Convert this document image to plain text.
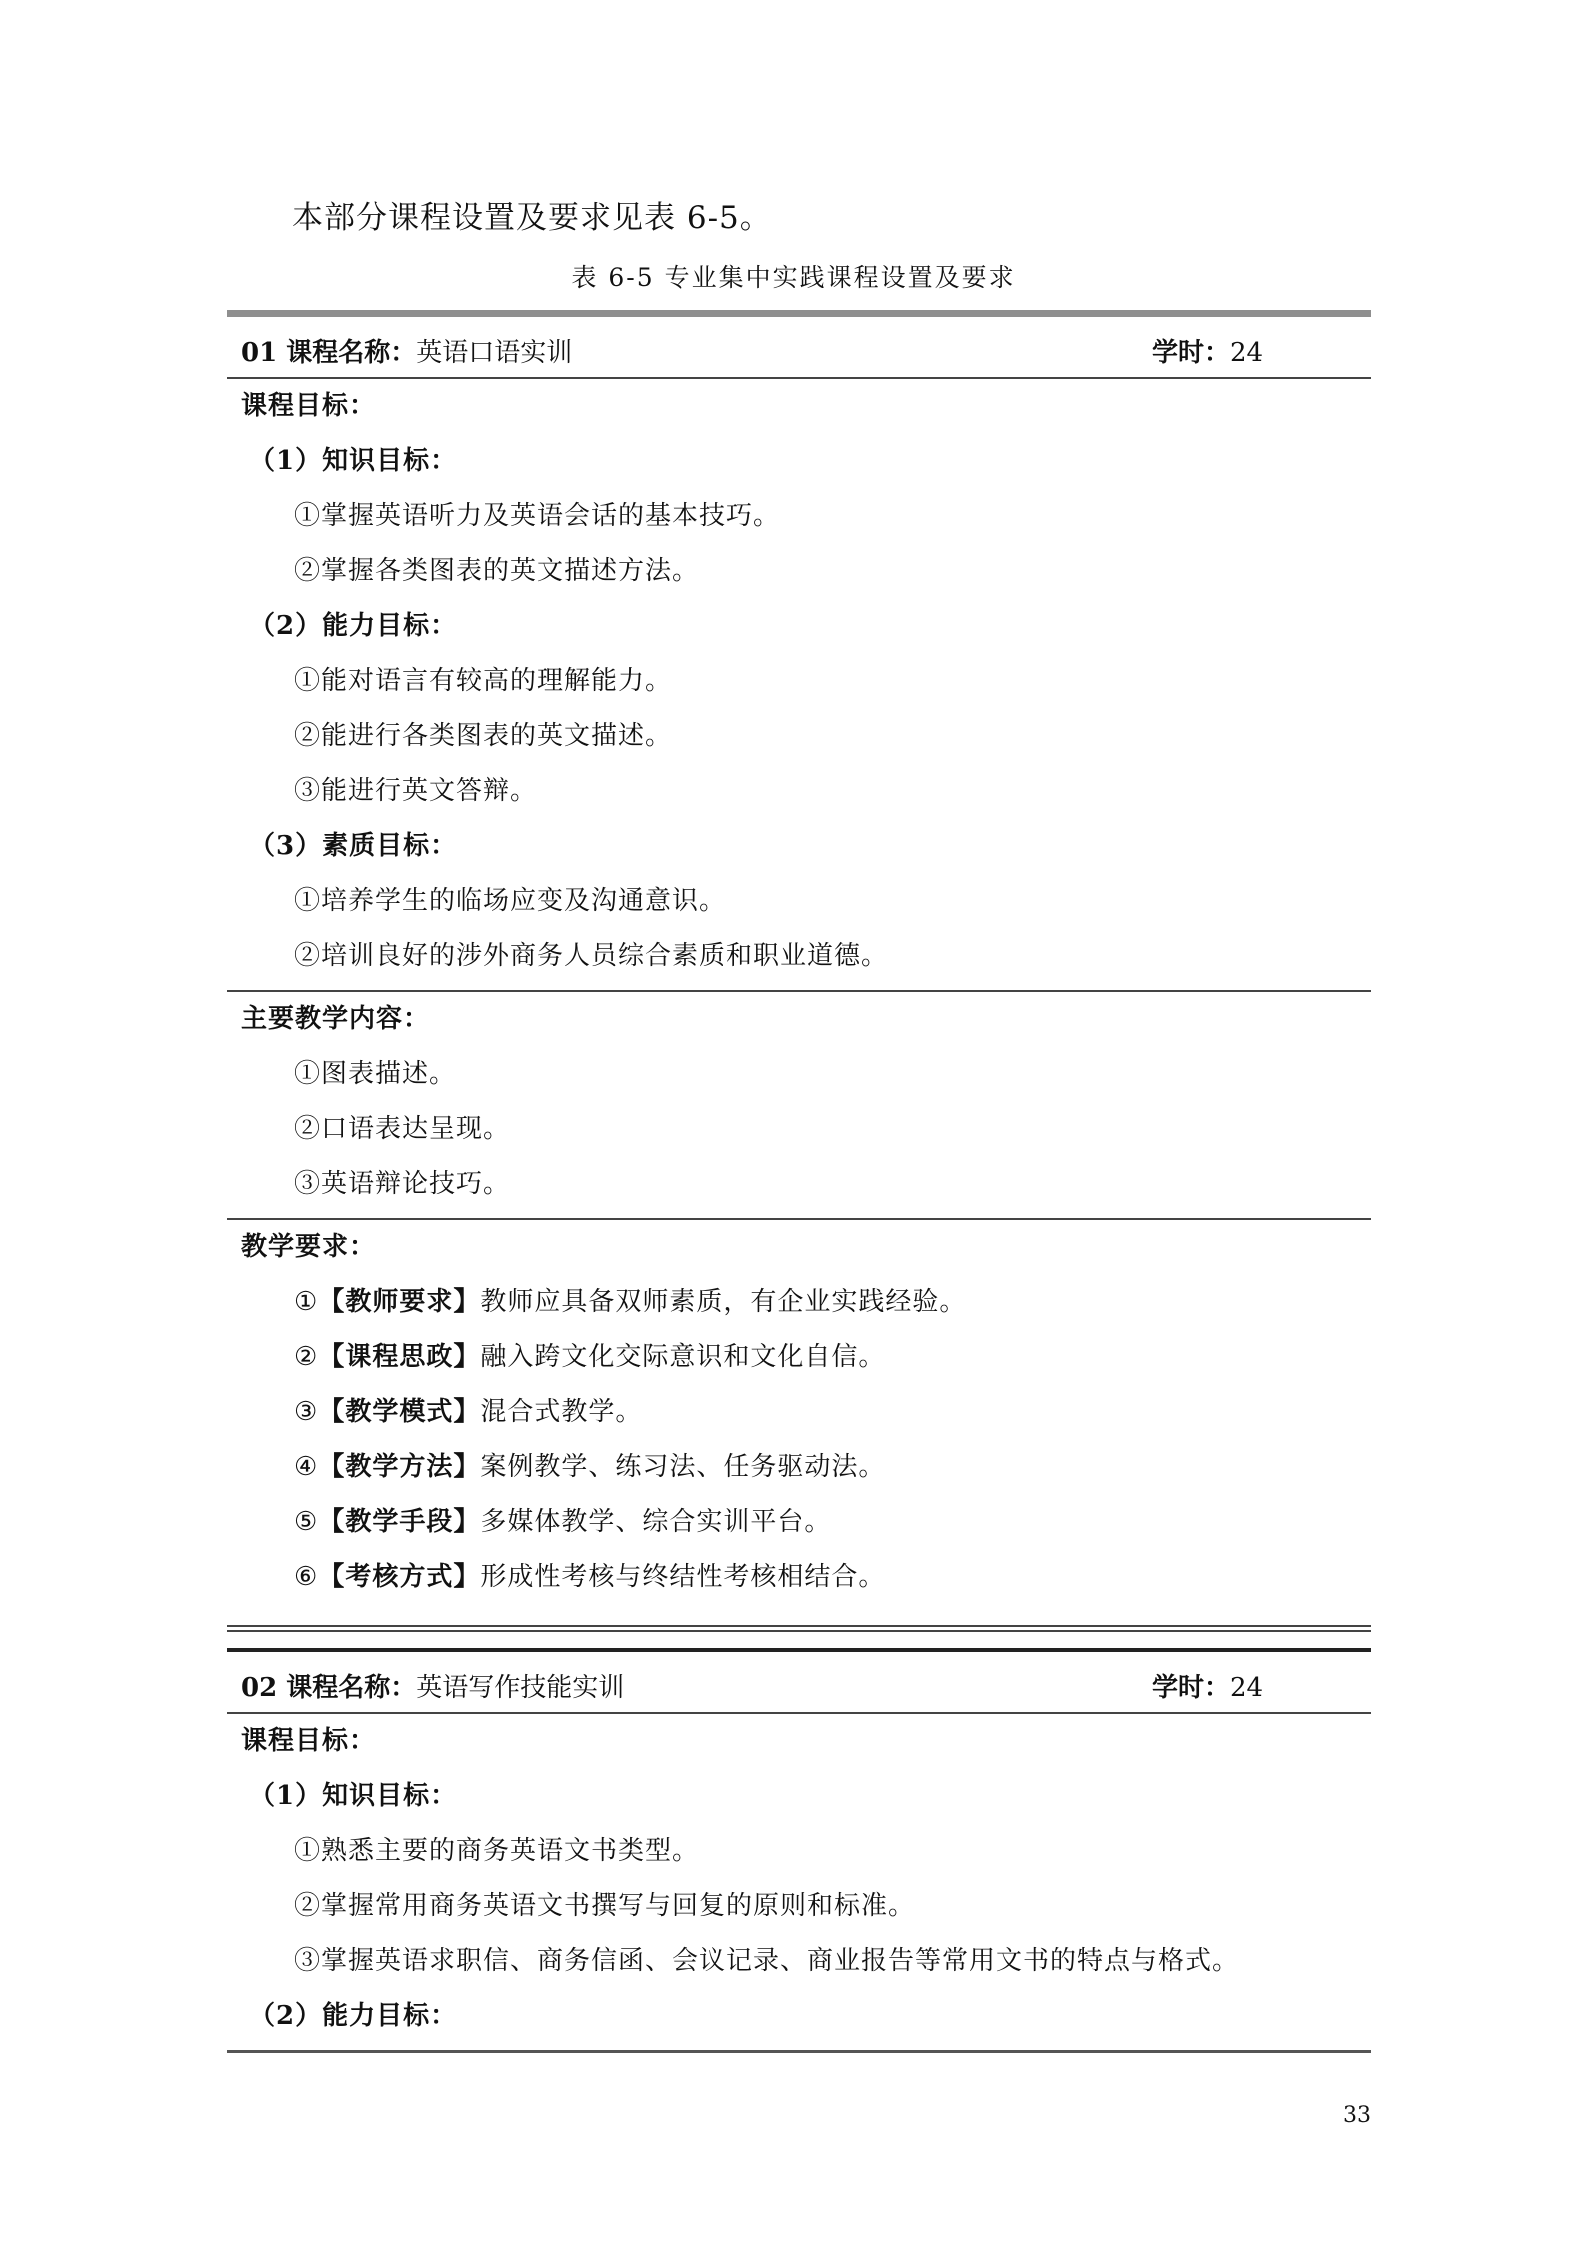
本部分课程设置及要求见表 6-5。
表 6-5 专业集中实践课程设置及要求
01 课程名称：英语口语实训	学时：24
课程目标：
（1）知识目标：
①掌握英语听力及英语会话的基本技巧。
②掌握各类图表的英文描述方法。
（2）能力目标：
①能对语言有较高的理解能力。
②能进行各类图表的英文描述。
③能进行英文答辩。
（3）素质目标：
①培养学生的临场应变及沟通意识。
②培训良好的涉外商务人员综合素质和职业道德。
主要教学内容：
①图表描述。
②口语表达呈现。
③英语辩论技巧。
教学要求：
①【教师要求】教师应具备双师素质，有企业实践经验。
②【课程思政】融入跨文化交际意识和文化自信。
③【教学模式】混合式教学。
④【教学方法】案例教学、练习法、任务驱动法。
⑤【教学手段】多媒体教学、综合实训平台。
⑥【考核方式】形成性考核与终结性考核相结合。
02 课程名称：英语写作技能实训	学时：24
课程目标：
（1）知识目标：
①熟悉主要的商务英语文书类型。
②掌握常用商务英语文书撰写与回复的原则和标准。
③掌握英语求职信、商务信函、会议记录、商业报告等常用文书的特点与格式。
（2）能力目标：
33
